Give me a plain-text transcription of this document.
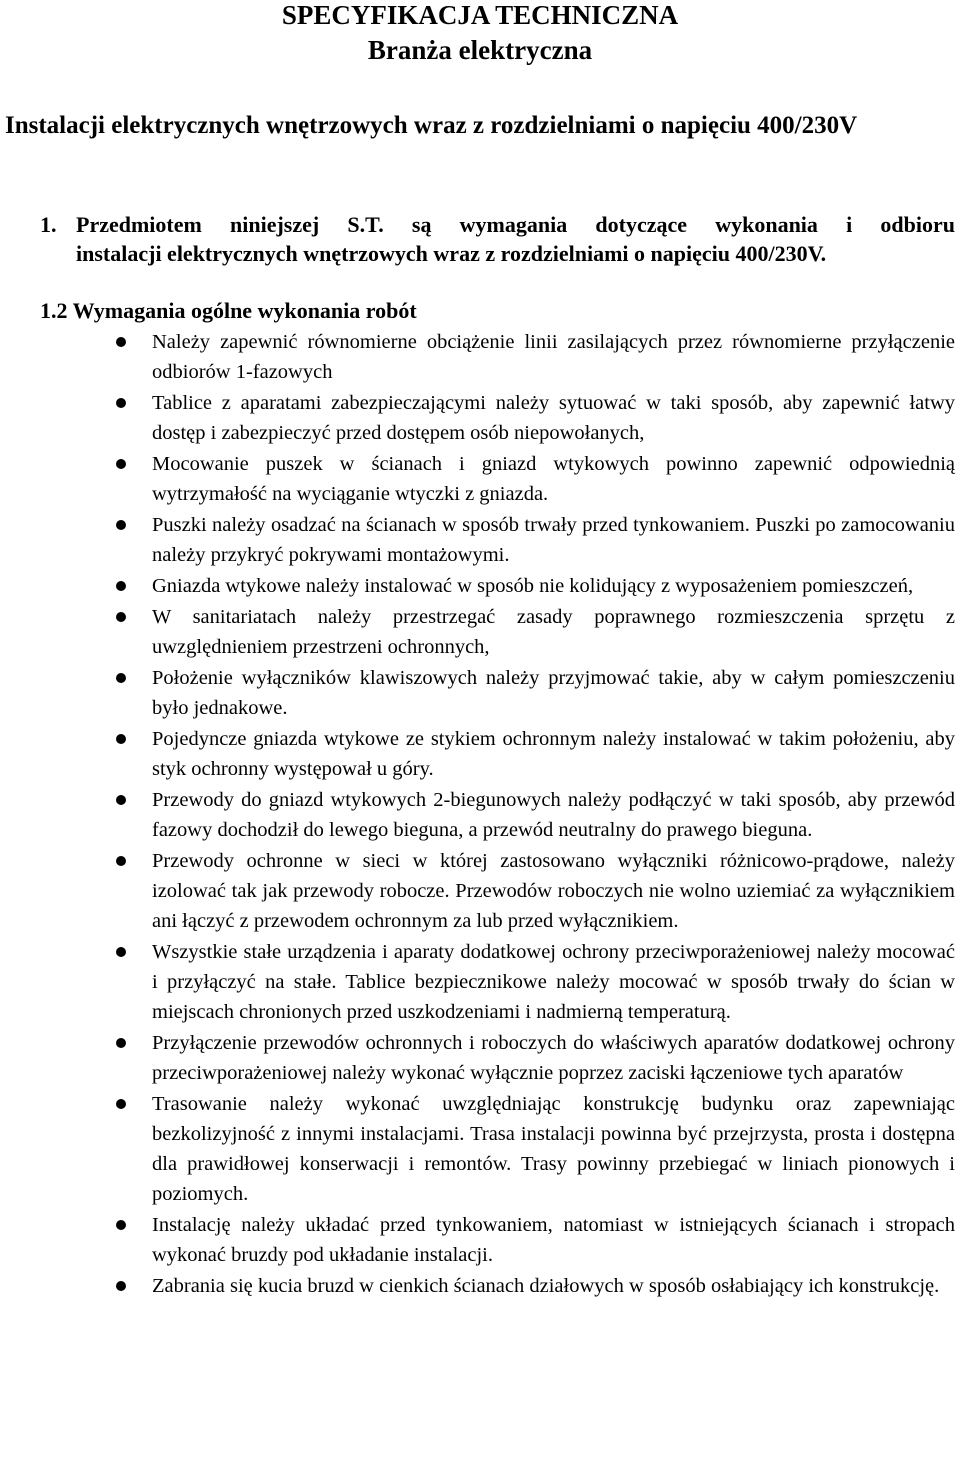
SPECYFIKACJA TECHNICZNA
Branża elektryczna

Instalacji elektrycznych wnętrzowych wraz z rozdzielniami o napięciu 400/230V

1. Przedmiotem niniejszej S.T. są wymagania dotyczące wykonania i odbioru
instalacji elektrycznych wnętrzowych wraz z rozdzielniami o napięciu 400/230V.
1.2 Wymagania ogólne wykonania robót
Należy zapewnić równomierne obciążenie linii zasilających przez równomierne przyłączenie odbiorów 1-fazowych
Tablice z aparatami zabezpieczającymi należy sytuować w taki sposób, aby zapewnić łatwy dostęp i zabezpieczyć przed dostępem osób niepowołanych,
Mocowanie puszek w ścianach i gniazd wtykowych powinno zapewnić odpowiednią wytrzymałość na wyciąganie wtyczki z gniazda.
Puszki należy osadzać na ścianach w sposób trwały przed tynkowaniem. Puszki po zamocowaniu należy przykryć pokrywami montażowymi.
Gniazda wtykowe należy instalować w sposób nie kolidujący z wyposażeniem pomieszczeń,
W sanitariatach należy przestrzegać zasady poprawnego rozmieszczenia sprzętu z uwzględnieniem przestrzeni ochronnych,
Położenie wyłączników klawiszowych należy przyjmować takie, aby w całym pomieszczeniu było jednakowe.
Pojedyncze gniazda wtykowe ze stykiem ochronnym należy instalować w takim położeniu, aby styk ochronny występował u góry.
Przewody do gniazd wtykowych 2-biegunowych należy podłączyć w taki sposób, aby przewód fazowy dochodził do lewego bieguna, a przewód neutralny do prawego bieguna.
Przewody ochronne w sieci w której zastosowano wyłączniki różnicowo-prądowe, należy izolować tak jak przewody robocze. Przewodów roboczych nie wolno uziemiać za wyłącznikiem ani łączyć z przewodem ochronnym za lub przed wyłącznikiem.
Wszystkie stałe urządzenia i aparaty dodatkowej ochrony przeciwporażeniowej należy mocować i przyłączyć na stałe. Tablice bezpiecznikowe należy mocować w sposób trwały do ścian w miejscach chronionych przed uszkodzeniami i nadmierną temperaturą.
Przyłączenie przewodów ochronnych i roboczych do właściwych aparatów dodatkowej ochrony przeciwporażeniowej należy wykonać wyłącznie poprzez zaciski łączeniowe tych aparatów
Trasowanie należy wykonać uwzględniając konstrukcję budynku oraz zapewniając bezkolizyjność z innymi instalacjami. Trasa instalacji powinna być przejrzysta, prosta i dostępna dla prawidłowej konserwacji i remontów. Trasy powinny przebiegać w liniach pionowych i poziomych.
Instalację należy układać przed tynkowaniem, natomiast w istniejących ścianach i stropach wykonać bruzdy pod układanie instalacji.
Zabrania się kucia bruzd w cienkich ścianach działowych w sposób osłabiający ich konstrukcję.
